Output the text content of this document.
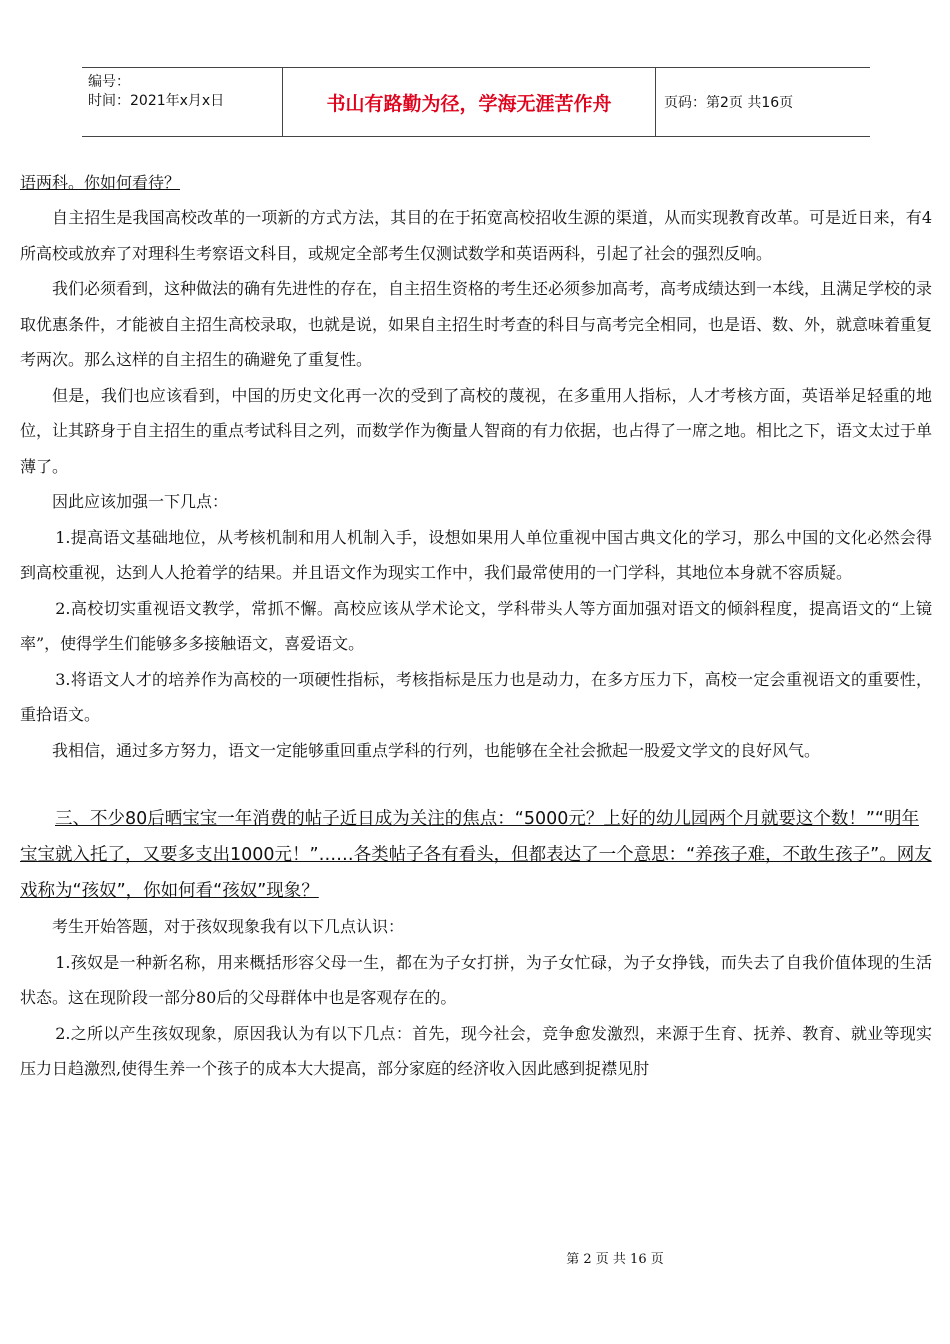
编号：
时间：2021年x月x日	书山有路勤为径，学海无涯苦作舟	页码：第2页 共16页

语两科。你如何看待？

自主招生是我国高校改革的一项新的方式方法，其目的在于拓宽高校招收生源的渠道，从而实现教育改革。可是近日来，有4所高校或放弃了对理科生考察语文科目，或规定全部考生仅测试数学和英语两科，引起了社会的强烈反响。

我们必须看到，这种做法的确有先进性的存在，自主招生资格的考生还必须参加高考，高考成绩达到一本线，且满足学校的录取优惠条件，才能被自主招生高校录取，也就是说，如果自主招生时考查的科目与高考完全相同，也是语、数、外，就意味着重复考两次。那么这样的自主招生的确避免了重复性。

但是，我们也应该看到，中国的历史文化再一次的受到了高校的蔑视，在多重用人指标，人才考核方面，英语举足轻重的地位，让其跻身于自主招生的重点考试科目之列，而数学作为衡量人智商的有力依据，也占得了一席之地。相比之下，语文太过于单薄了。

因此应该加强一下几点：

1.提高语文基础地位，从考核机制和用人机制入手，设想如果用人单位重视中国古典文化的学习，那么中国的文化必然会得到高校重视，达到人人抢着学的结果。并且语文作为现实工作中，我们最常使用的一门学科，其地位本身就不容质疑。

2.高校切实重视语文教学，常抓不懈。高校应该从学术论文，学科带头人等方面加强对语文的倾斜程度，提高语文的“上镜率”，使得学生们能够多多接触语文，喜爱语文。

3.将语文人才的培养作为高校的一项硬性指标，考核指标是压力也是动力，在多方压力下，高校一定会重视语文的重要性，重拾语文。

我相信，通过多方努力，语文一定能够重回重点学科的行列，也能够在全社会掀起一股爱文学文的良好风气。

三、不少80后晒宝宝一年消费的帖子近日成为关注的焦点：“5000元？上好的幼儿园两个月就要这个数！”“明年宝宝就入托了，又要多支出1000元！”……各类帖子各有看头，但都表达了一个意思：“养孩子难，不敢生孩子”。网友戏称为“孩奴”，你如何看“孩奴”现象？

考生开始答题，对于孩奴现象我有以下几点认识：

1.孩奴是一种新名称，用来概括形容父母一生，都在为子女打拼，为子女忙碌，为子女挣钱，而失去了自我价值体现的生活状态。这在现阶段一部分80后的父母群体中也是客观存在的。

2.之所以产生孩奴现象，原因我认为有以下几点：首先，现今社会，竞争愈发激烈，来源于生育、抚养、教育、就业等现实压力日趋激烈,使得生养一个孩子的成本大大提高，部分家庭的经济收入因此感到捉襟见肘

第 2 页 共 16 页
